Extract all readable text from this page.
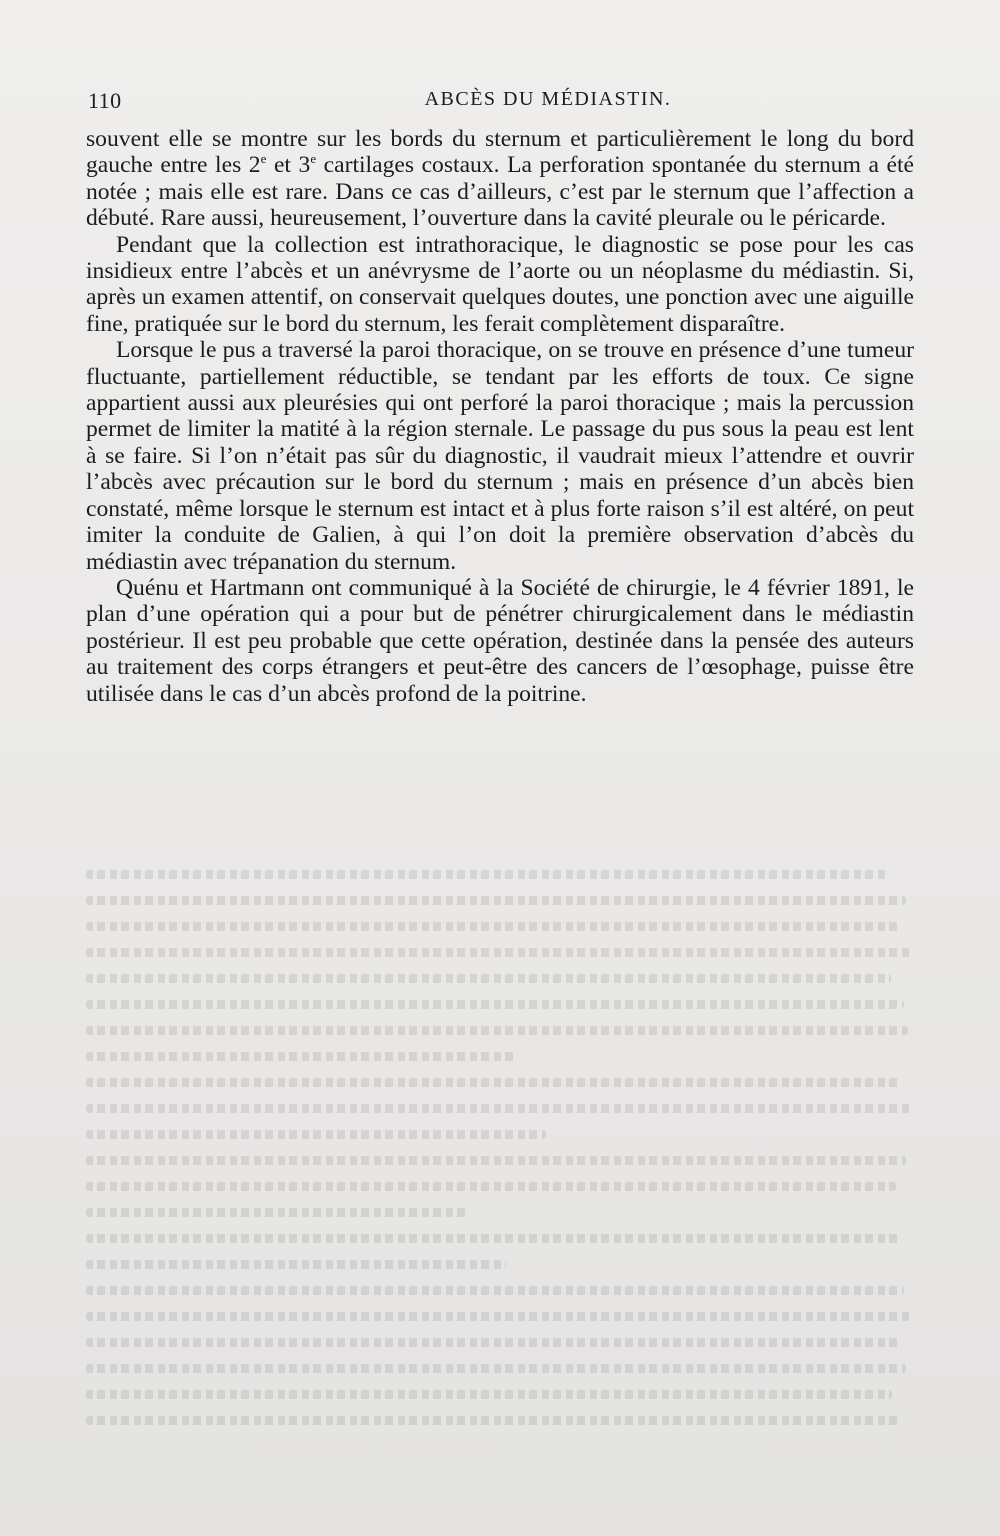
110	ABCÈS DU MÉDIASTIN.

souvent elle se montre sur les bords du sternum et particulièrement le long du bord gauche entre les 2e et 3e cartilages costaux. La perforation spontanée du sternum a été notée ; mais elle est rare. Dans ce cas d’ailleurs, c’est par le sternum que l’affection a débuté. Rare aussi, heureusement, l’ouverture dans la cavité pleurale ou le péricarde.

Pendant que la collection est intrathoracique, le diagnostic se pose pour les cas insidieux entre l’abcès et un anévrysme de l’aorte ou un néoplasme du médiastin. Si, après un examen attentif, on conservait quelques doutes, une ponction avec une aiguille fine, pratiquée sur le bord du sternum, les ferait complètement disparaître.

Lorsque le pus a traversé la paroi thoracique, on se trouve en présence d’une tumeur fluctuante, partiellement réductible, se tendant par les efforts de toux. Ce signe appartient aussi aux pleurésies qui ont perforé la paroi thoracique ; mais la percussion permet de limiter la matité à la région sternale. Le passage du pus sous la peau est lent à se faire. Si l’on n’était pas sûr du diagnostic, il vaudrait mieux l’attendre et ouvrir l’abcès avec précaution sur le bord du sternum ; mais en présence d’un abcès bien constaté, même lorsque le sternum est intact et à plus forte raison s’il est altéré, on peut imiter la conduite de Galien, à qui l’on doit la première observation d’abcès du médiastin avec trépanation du sternum.

Quénu et Hartmann ont communiqué à la Société de chirurgie, le 4 février 1891, le plan d’une opération qui a pour but de pénétrer chirurgicalement dans le médiastin postérieur. Il est peu probable que cette opération, destinée dans la pensée des auteurs au traitement des corps étrangers et peut-être des cancers de l’œsophage, puisse être utilisée dans le cas d’un abcès profond de la poitrine.
